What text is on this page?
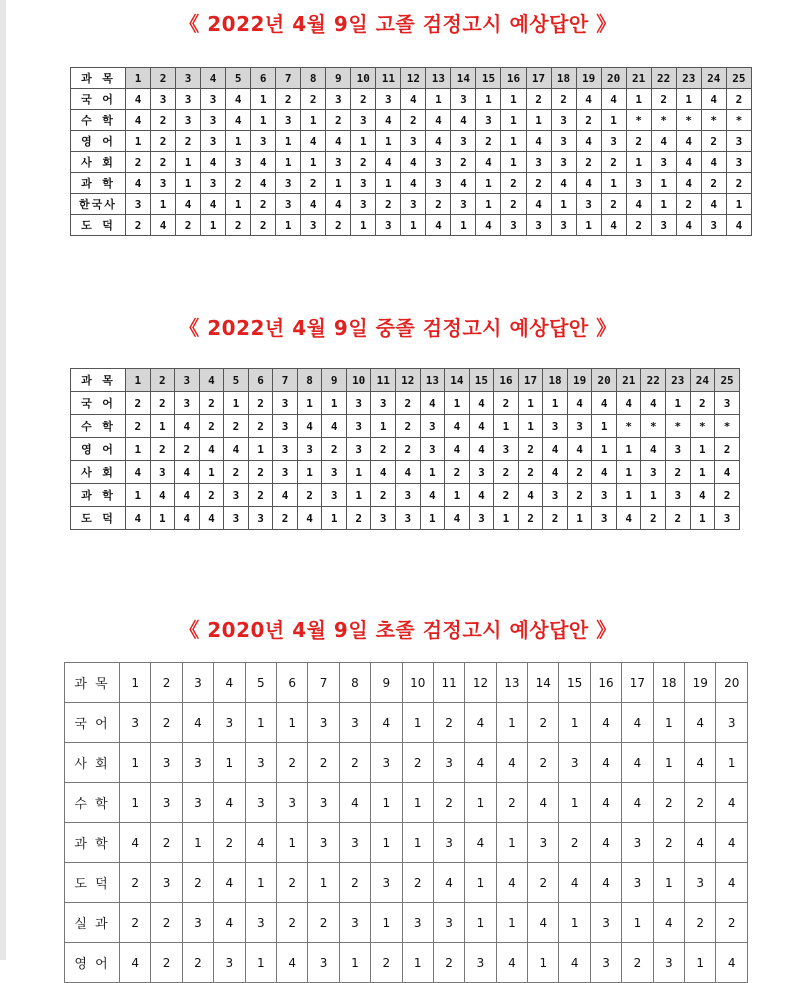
《 2022년 4월 9일 고졸 검정고시 예상답안 》
과 목	1	2	3	4	5	6	7	8	9	10	11	12	13	14	15	16	17	18	19	20	21	22	23	24	25
국 어	4	3	3	3	4	1	2	2	3	2	3	4	1	3	1	1	2	2	4	4	1	2	1	4	2
수 학	4	2	3	3	4	1	3	1	2	3	4	2	4	4	3	1	1	3	2	1	*	*	*	*	*
영 어	1	2	2	3	1	3	1	4	4	1	1	3	4	3	2	1	4	3	4	3	2	4	4	2	3
사 회	2	2	1	4	3	4	1	1	3	2	4	4	3	2	4	1	3	3	2	2	1	3	4	4	3
과 학	4	3	1	3	2	4	3	2	1	3	1	4	3	4	1	2	2	4	4	1	3	1	4	2	2
한국사	3	1	4	4	1	2	3	4	4	3	2	3	2	3	1	2	4	1	3	2	4	1	2	4	1
도 덕	2	4	2	1	2	2	1	3	2	1	3	1	4	1	4	3	3	3	1	4	2	3	4	3	4
《 2022년 4월 9일 중졸 검정고시 예상답안 》
과 목	1	2	3	4	5	6	7	8	9	10	11	12	13	14	15	16	17	18	19	20	21	22	23	24	25
국 어	2	2	3	2	1	2	3	1	1	3	3	2	4	1	4	2	1	1	4	4	4	4	1	2	3
수 학	2	1	4	2	2	2	3	4	4	3	1	2	3	4	4	1	1	3	3	1	*	*	*	*	*
영 어	1	2	2	4	4	1	3	3	2	3	2	2	3	4	4	3	2	4	4	1	1	4	3	1	2
사 회	4	3	4	1	2	2	3	1	3	1	4	4	1	2	3	2	2	4	2	4	1	3	2	1	4
과 학	1	4	4	2	3	2	4	2	3	1	2	3	4	1	4	2	4	3	2	3	1	1	3	4	2
도 덕	4	1	4	4	3	3	2	4	1	2	3	3	1	4	3	1	2	2	1	3	4	2	2	1	3
《 2020년 4월 9일 초졸 검정고시 예상답안 》
과 목	1	2	3	4	5	6	7	8	9	10	11	12	13	14	15	16	17	18	19	20
국 어	3	2	4	3	1	1	3	3	4	1	2	4	1	2	1	4	4	1	4	3
사 회	1	3	3	1	3	2	2	2	3	2	3	4	4	2	3	4	4	1	4	1
수 학	1	3	3	4	3	3	3	4	1	1	2	1	2	4	1	4	4	2	2	4
과 학	4	2	1	2	4	1	3	3	1	1	3	4	1	3	2	4	3	2	4	4
도 덕	2	3	2	4	1	2	1	2	3	2	4	1	4	2	4	4	3	1	3	4
실 과	2	2	3	4	3	2	2	3	1	3	3	1	1	4	1	3	1	4	2	2
영 어	4	2	2	3	1	4	3	1	2	1	2	3	4	1	4	3	2	3	1	4
